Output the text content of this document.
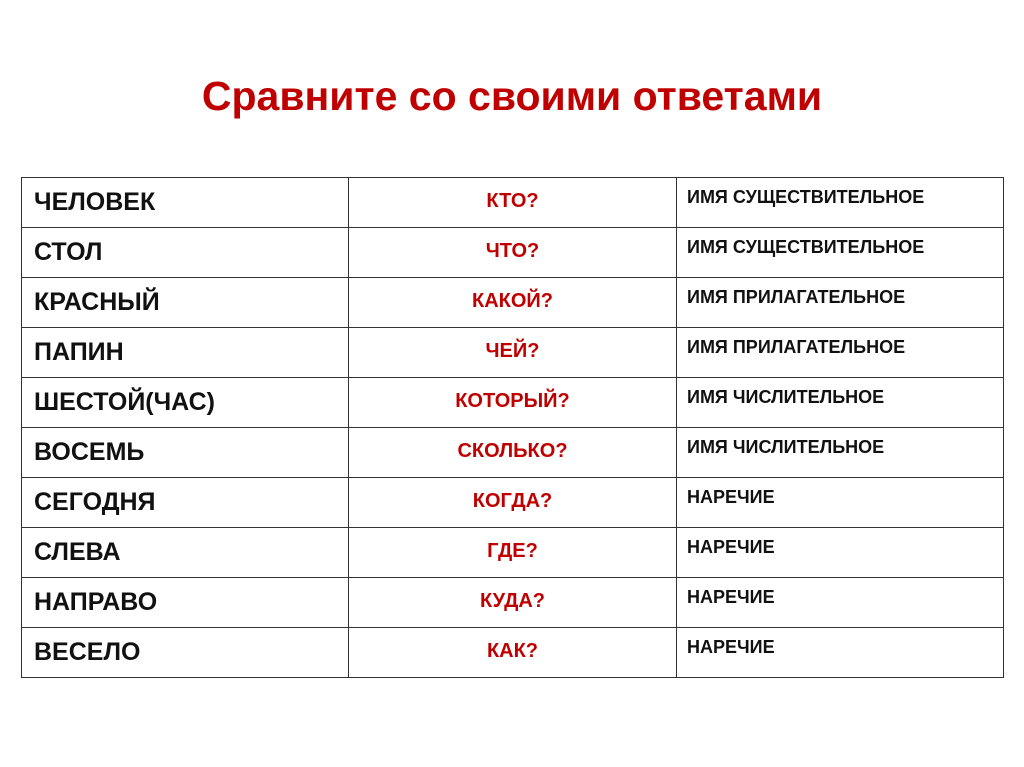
Сравните со своими ответами
ЧЕЛОВЕК	КТО?	ИМЯ СУЩЕСТВИТЕЛЬНОЕ
СТОЛ	ЧТО?	ИМЯ СУЩЕСТВИТЕЛЬНОЕ
КРАСНЫЙ	КАКОЙ?	ИМЯ ПРИЛАГАТЕЛЬНОЕ
ПАПИН	ЧЕЙ?	ИМЯ ПРИЛАГАТЕЛЬНОЕ
ШЕСТОЙ(ЧАС)	КОТОРЫЙ?	ИМЯ ЧИСЛИТЕЛЬНОЕ
ВОСЕМЬ	СКОЛЬКО?	ИМЯ ЧИСЛИТЕЛЬНОЕ
СЕГОДНЯ	КОГДА?	НАРЕЧИЕ
СЛЕВА	ГДЕ?	НАРЕЧИЕ
НАПРАВО	КУДА?	НАРЕЧИЕ
ВЕСЕЛО	КАК?	НАРЕЧИЕ
